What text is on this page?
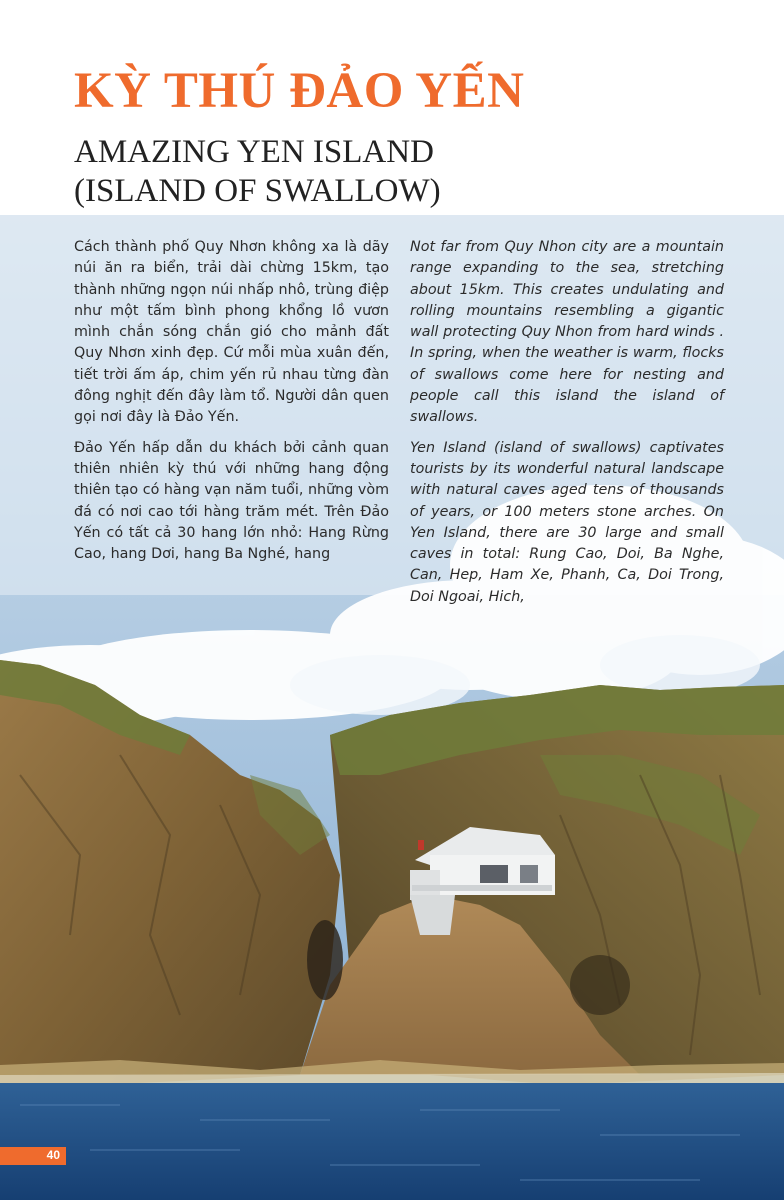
KỲ THÚ ĐẢO YẾN
AMAZING YEN ISLAND
(ISLAND OF SWALLOW)

Cách thành phố Quy Nhơn không xa là dãy núi ăn ra biển, trải dài chừng 15km, tạo thành những ngọn núi nhấp nhô, trùng điệp như một tấm bình phong khổng lồ vươn mình chắn sóng chắn gió cho mảnh đất Quy Nhơn xinh đẹp. Cứ mỗi mùa xuân đến, tiết trời ấm áp, chim yến rủ nhau từng đàn đông nghịt đến đây làm tổ. Người dân quen gọi nơi đây là Đảo Yến.

Đảo Yến hấp dẫn du khách bởi cảnh quan thiên nhiên kỳ thú với những hang động thiên tạo có hàng vạn năm tuổi, những vòm đá có nơi cao tới hàng trăm mét. Trên Đảo Yến có tất cả 30 hang lớn nhỏ: Hang Rừng Cao, hang Dơi, hang Ba Nghé, hang

Not far from Quy Nhon city are a mountain range expanding to the sea, stretching about 15km. This creates undulating and rolling mountains resembling a gigantic wall protecting Quy Nhon from hard winds . In spring, when the weather is warm, flocks of swallows come here for nesting and people call this island the island of swallows.

Yen Island (island of swallows) captivates tourists by its wonderful natural landscape with natural caves aged tens of thousands of years, or 100 meters stone arches. On Yen Island, there are 30 large and small caves in total: Rung Cao, Doi, Ba Nghe, Can, Hep, Ham Xe, Phanh, Ca, Doi Trong, Doi Ngoai, Hich,

40
